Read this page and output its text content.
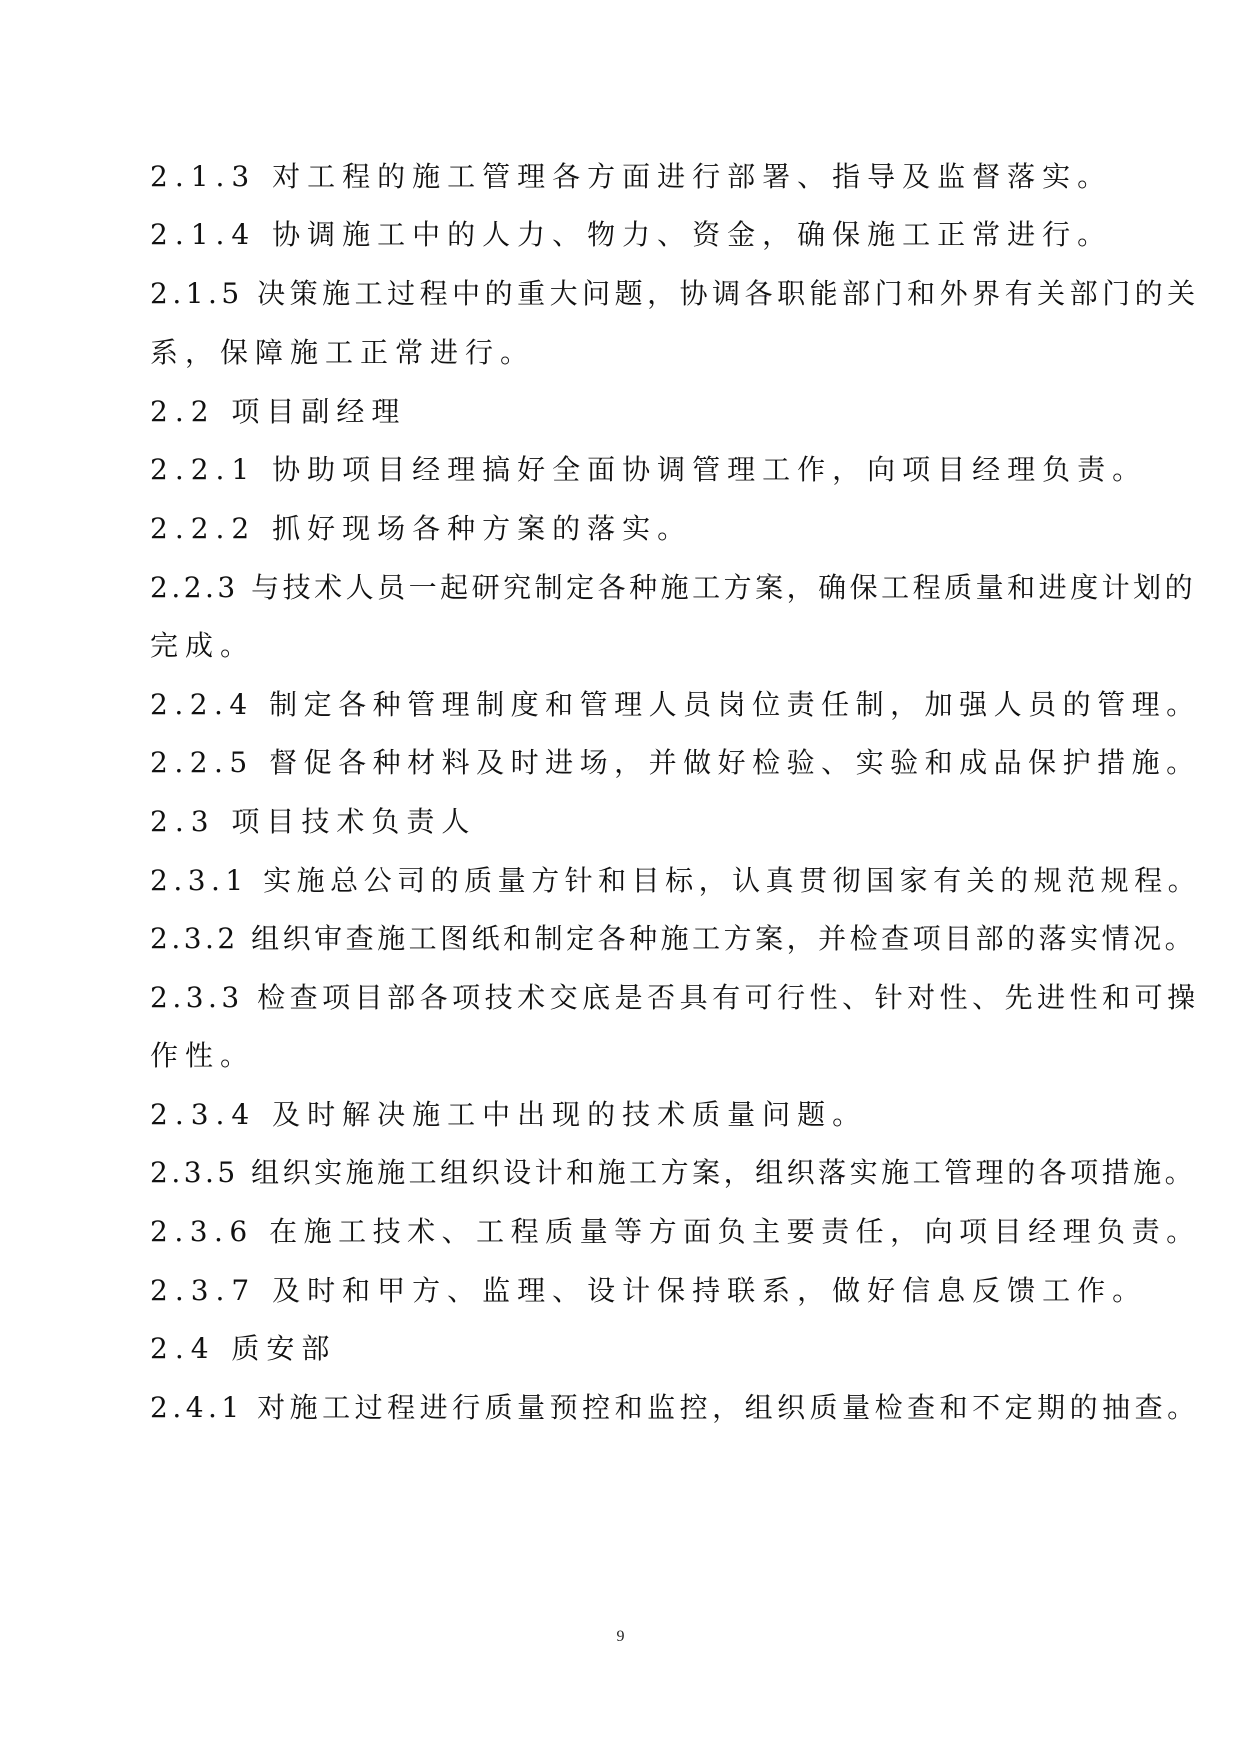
2.1.3 对工程的施工管理各方面进行部署、指导及监督落实。
2.1.4 协调施工中的人力、物力、资金，确保施工正常进行。
2.1.5 决策施工过程中的重大问题，协调各职能部门和外界有关部门的关
系，保障施工正常进行。
2.2 项目副经理
2.2.1 协助项目经理搞好全面协调管理工作，向项目经理负责。
2.2.2 抓好现场各种方案的落实。
2.2.3 与技术人员一起研究制定各种施工方案，确保工程质量和进度计划的
完成。
2.2.4 制定各种管理制度和管理人员岗位责任制，加强人员的管理。
2.2.5 督促各种材料及时进场，并做好检验、实验和成品保护措施。
2.3 项目技术负责人
2.3.1 实施总公司的质量方针和目标，认真贯彻国家有关的规范规程。
2.3.2 组织审查施工图纸和制定各种施工方案，并检查项目部的落实情况。
2.3.3 检查项目部各项技术交底是否具有可行性、针对性、先进性和可操
作性。
2.3.4 及时解决施工中出现的技术质量问题。
2.3.5 组织实施施工组织设计和施工方案，组织落实施工管理的各项措施。
2.3.6 在施工技术、工程质量等方面负主要责任，向项目经理负责。
2.3.7 及时和甲方、监理、设计保持联系，做好信息反馈工作。
2.4 质安部
2.4.1 对施工过程进行质量预控和监控，组织质量检查和不定期的抽查。
9
